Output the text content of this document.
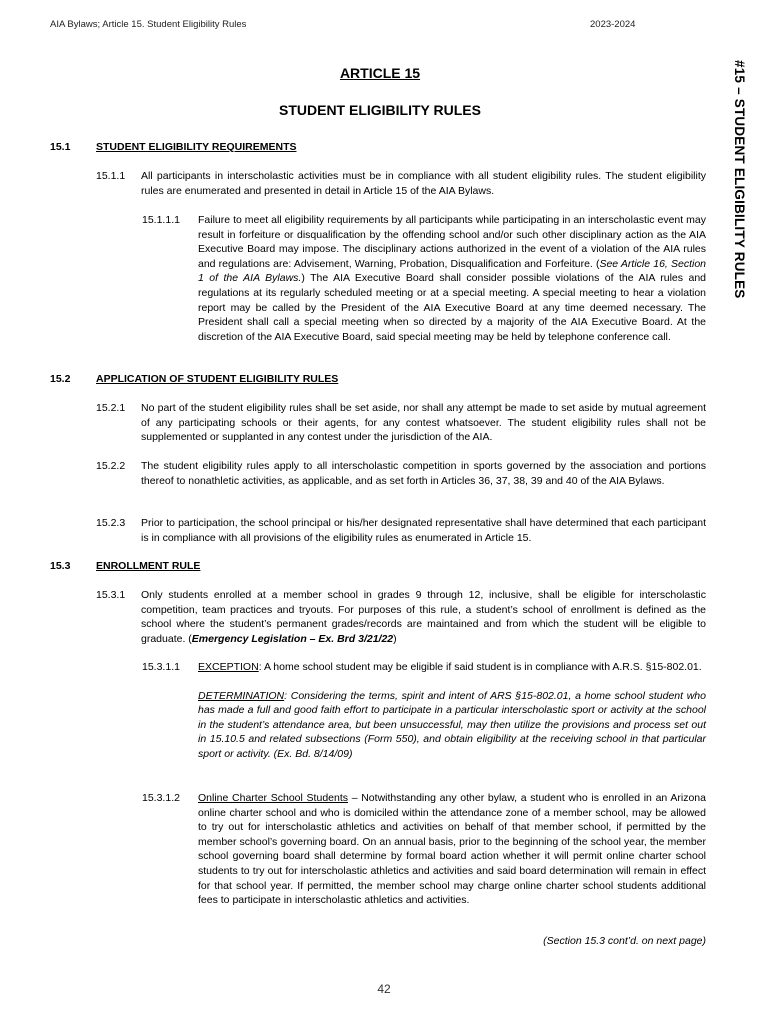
AIA Bylaws; Article 15. Student Eligibility Rules	2023-2024
#15 – STUDENT ELIGIBILITY RULES
ARTICLE 15
STUDENT ELIGIBILITY RULES
15.1 STUDENT ELIGIBILITY REQUIREMENTS
15.1.1 All participants in interscholastic activities must be in compliance with all student eligibility rules. The student eligibility rules are enumerated and presented in detail in Article 15 of the AIA Bylaws.
15.1.1.1 Failure to meet all eligibility requirements by all participants while participating in an interscholastic event may result in forfeiture or disqualification by the offending school and/or such other disciplinary action as the AIA Executive Board may impose. The disciplinary actions authorized in the event of a violation of the AIA rules and regulations are: Advisement, Warning, Probation, Disqualification and Forfeiture. (See Article 16, Section 1 of the AIA Bylaws.) The AIA Executive Board shall consider possible violations of the AIA rules and regulations at its regularly scheduled meeting or at a special meeting. A special meeting to hear a violation report may be called by the President of the AIA Executive Board at any time deemed necessary. The President shall call a special meeting when so directed by a majority of the AIA Executive Board. At the discretion of the AIA Executive Board, said special meeting may be held by telephone conference call.
15.2 APPLICATION OF STUDENT ELIGIBILITY RULES
15.2.1 No part of the student eligibility rules shall be set aside, nor shall any attempt be made to set aside by mutual agreement of any participating schools or their agents, for any contest whatsoever. The student eligibility rules shall not be supplemented or supplanted in any contest under the jurisdiction of the AIA.
15.2.2 The student eligibility rules apply to all interscholastic competition in sports governed by the association and portions thereof to nonathletic activities, as applicable, and as set forth in Articles 36, 37, 38, 39 and 40 of the AIA Bylaws.
15.2.3 Prior to participation, the school principal or his/her designated representative shall have determined that each participant is in compliance with all provisions of the eligibility rules as enumerated in Article 15.
15.3 ENROLLMENT RULE
15.3.1 Only students enrolled at a member school in grades 9 through 12, inclusive, shall be eligible for interscholastic competition, team practices and tryouts. For purposes of this rule, a student’s school of enrollment is defined as the school where the student’s permanent grades/records are maintained and from which the student will be eligible to graduate. (Emergency Legislation – Ex. Brd 3/21/22)
15.3.1.1 EXCEPTION: A home school student may be eligible if said student is in compliance with A.R.S. §15-802.01.
DETERMINATION: Considering the terms, spirit and intent of ARS §15-802.01, a home school student who has made a full and good faith effort to participate in a particular interscholastic sport or activity at the school in the student’s attendance area, but been unsuccessful, may then utilize the provisions and process set out in 15.10.5 and related subsections (Form 550), and obtain eligibility at the receiving school in that particular sport or activity. (Ex. Bd. 8/14/09)
15.3.1.2 Online Charter School Students – Notwithstanding any other bylaw, a student who is enrolled in an Arizona online charter school and who is domiciled within the attendance zone of a member school, may be allowed to try out for interscholastic athletics and activities on behalf of that member school, if permitted by the member school’s governing board. On an annual basis, prior to the beginning of the school year, the member school governing board shall determine by formal board action whether it will permit online charter school students to try out for interscholastic athletics and activities and said board determination will remain in effect for that school year. If permitted, the member school may charge online charter school students additional fees to participate in interscholastic athletics and activities.
(Section 15.3 cont’d. on next page)
42
